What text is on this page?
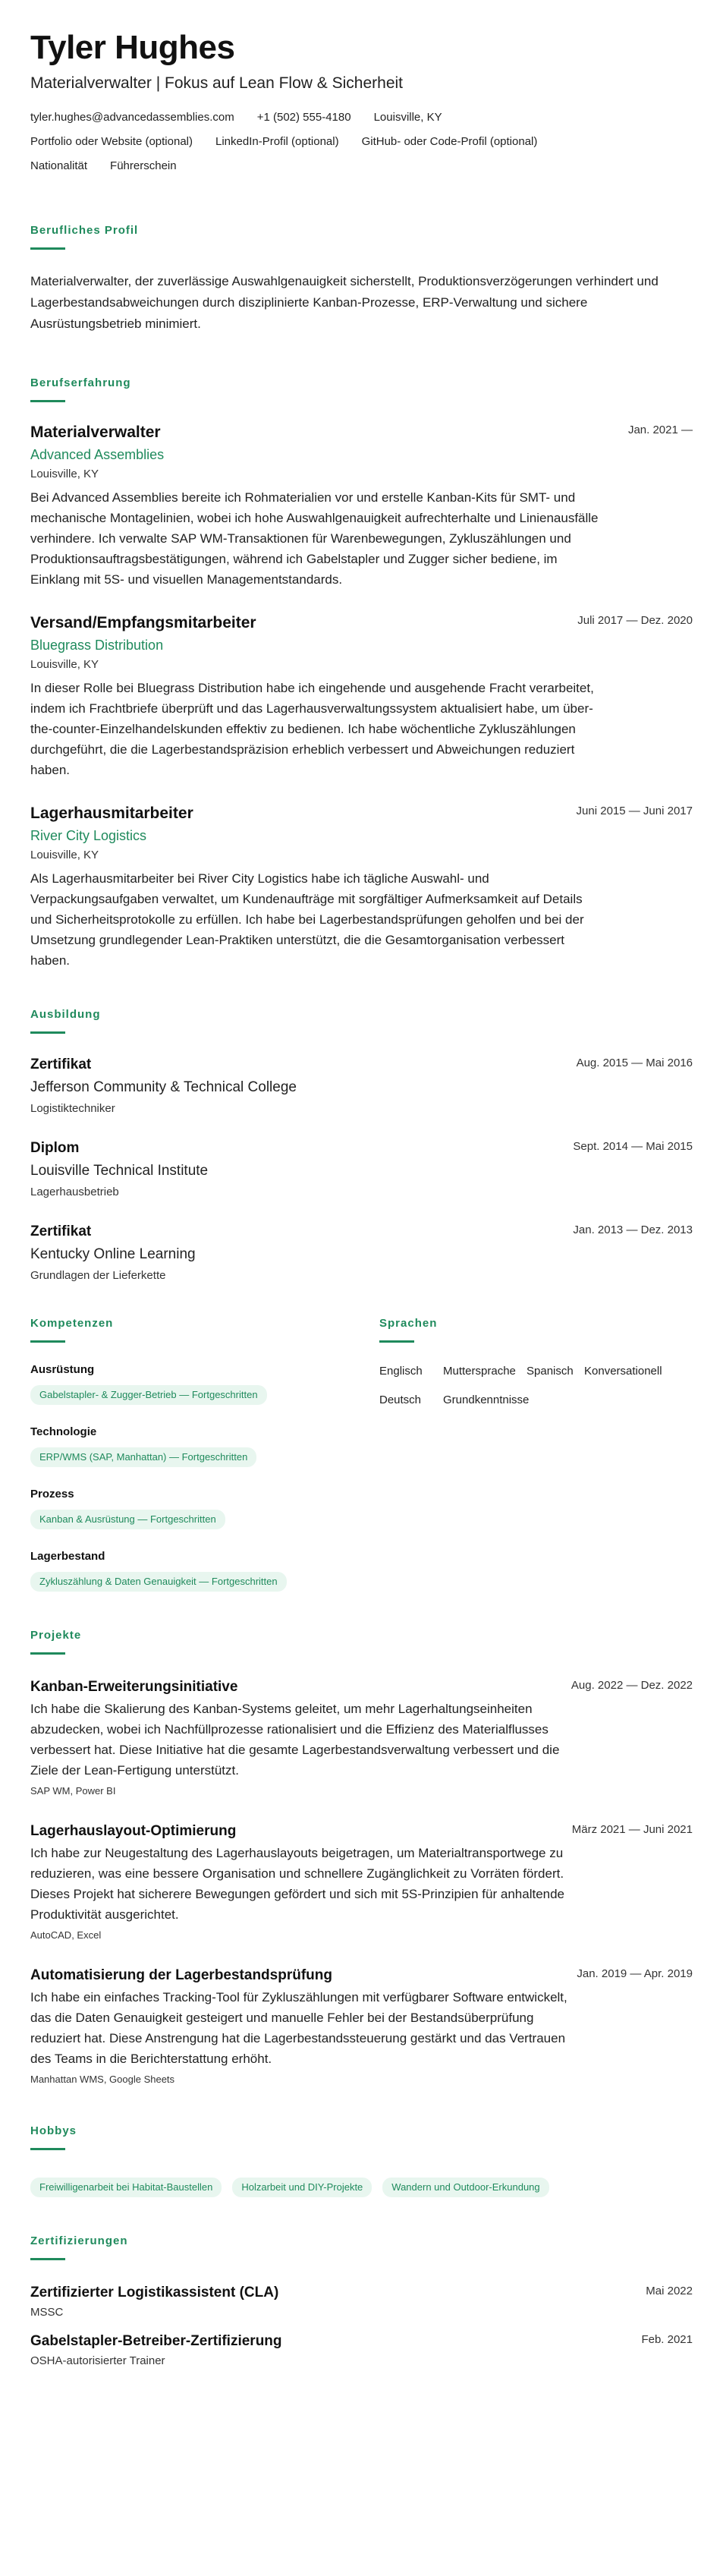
Tyler Hughes
Materialverwalter | Fokus auf Lean Flow & Sicherheit
tyler.hughes@advancedassemblies.com +1 (502) 555-4180 Louisville, KY
Portfolio oder Website (optional) LinkedIn-Profil (optional) GitHub- oder Code-Profil (optional)
Nationalität Führerschein
Berufliches Profil
Materialverwalter, der zuverlässige Auswahlgenauigkeit sicherstellt, Produktionsverzögerungen verhindert und Lagerbestandsabweichungen durch disziplinierte Kanban-Prozesse, ERP-Verwaltung und sichere Ausrüstungsbetrieb minimiert.
Berufserfahrung
Materialverwalter
Advanced Assemblies
Louisville, KY
Jan. 2021 —
Bei Advanced Assemblies bereite ich Rohmaterialien vor und erstelle Kanban-Kits für SMT- und mechanische Montagelinien, wobei ich hohe Auswahlgenauigkeit aufrechterhalte und Linienausfälle verhindere. Ich verwalte SAP WM-Transaktionen für Warenbewegungen, Zykluszählungen und Produktionsauftragsbestätigungen, während ich Gabelstapler und Zugger sicher bediene, im Einklang mit 5S- und visuellen Managementstandards.
Versand/Empfangsmitarbeiter
Bluegrass Distribution
Louisville, KY
Juli 2017 — Dez. 2020
In dieser Rolle bei Bluegrass Distribution habe ich eingehende und ausgehende Fracht verarbeitet, indem ich Frachtbriefe überprüft und das Lagerhausverwaltungssystem aktualisiert habe, um über-the-counter-Einzelhandelskunden effektiv zu bedienen. Ich habe wöchentliche Zykluszählungen durchgeführt, die die Lagerbestandspräzision erheblich verbessert und Abweichungen reduziert haben.
Lagerhausmitarbeiter
River City Logistics
Louisville, KY
Juni 2015 — Juni 2017
Als Lagerhausmitarbeiter bei River City Logistics habe ich tägliche Auswahl- und Verpackungsaufgaben verwaltet, um Kundenaufträge mit sorgfältiger Aufmerksamkeit auf Details und Sicherheitsprotokolle zu erfüllen. Ich habe bei Lagerbestandsprüfungen geholfen und bei der Umsetzung grundlegender Lean-Praktiken unterstützt, die die Gesamtorganisation verbessert haben.
Ausbildung
Zertifikat
Jefferson Community & Technical College
Logistiktechniker
Aug. 2015 — Mai 2016
Diplom
Louisville Technical Institute
Lagerhausbetrieb
Sept. 2014 — Mai 2015
Zertifikat
Kentucky Online Learning
Grundlagen der Lieferkette
Jan. 2013 — Dez. 2013
Kompetenzen
Ausrüstung
Gabelstapler- & Zugger-Betrieb — Fortgeschritten
Technologie
ERP/WMS (SAP, Manhattan) — Fortgeschritten
Prozess
Kanban & Ausrüstung — Fortgeschritten
Lagerbestand
Zykluszählung & Daten Genauigkeit — Fortgeschritten
Sprachen
Englisch	Muttersprache Spanisch Konversationell
Deutsch	Grundkenntnisse
Projekte
Kanban-Erweiterungsinitiative	Aug. 2022 — Dez. 2022
Ich habe die Skalierung des Kanban-Systems geleitet, um mehr Lagerhaltungseinheiten abzudecken, wobei ich Nachfüllprozesse rationalisiert und die Effizienz des Materialflusses verbessert hat. Diese Initiative hat die gesamte Lagerbestandsverwaltung verbessert und die Ziele der Lean-Fertigung unterstützt.
SAP WM, Power BI
Lagerhauslayout-Optimierung	März 2021 — Juni 2021
Ich habe zur Neugestaltung des Lagerhauslayouts beigetragen, um Materialtransportwege zu reduzieren, was eine bessere Organisation und schnellere Zugänglichkeit zu Vorräten fördert. Dieses Projekt hat sicherere Bewegungen gefördert und sich mit 5S-Prinzipien für anhaltende Produktivität ausgerichtet.
AutoCAD, Excel
Automatisierung der Lagerbestandsprüfung	Jan. 2019 — Apr. 2019
Ich habe ein einfaches Tracking-Tool für Zykluszählungen mit verfügbarer Software entwickelt, das die Daten Genauigkeit gesteigert und manuelle Fehler bei der Bestandsüberprüfung reduziert hat. Diese Anstrengung hat die Lagerbestandssteuerung gestärkt und das Vertrauen des Teams in die Berichterstattung erhöht.
Manhattan WMS, Google Sheets
Hobbys
Freiwilligenarbeit bei Habitat-Baustellen	Holzarbeit und DIY-Projekte	Wandern und Outdoor-Erkundung
Zertifizierungen
Zertifizierter Logistikassistent (CLA)
MSSC
Mai 2022
Gabelstapler-Betreiber-Zertifizierung
OSHA-autorisierter Trainer
Feb. 2021
